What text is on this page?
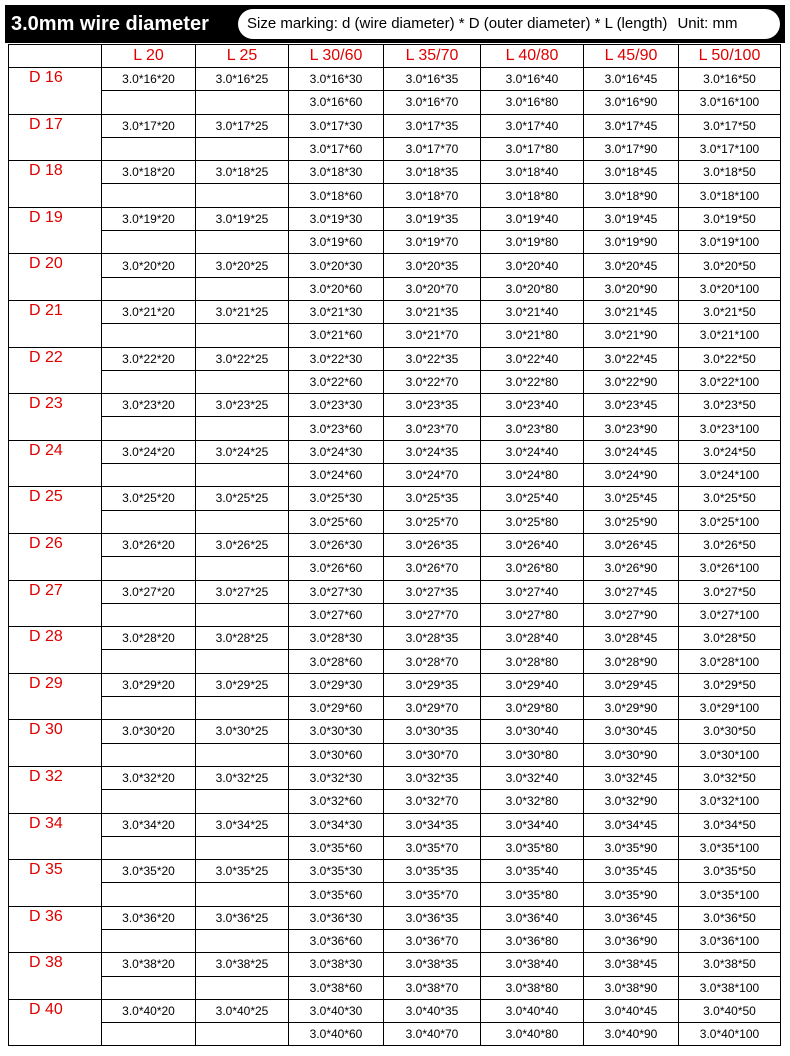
3.0mm wire diameter	Size marking: d (wire diameter) * D (outer diameter) * L (length) Unit: mm
	L 20	L 25	L 30/60	L 35/70	L 40/80	L 45/90	L 50/100
D 16	3.0*16*20	3.0*16*25	3.0*16*30	3.0*16*35	3.0*16*40	3.0*16*45	3.0*16*50
			3.0*16*60	3.0*16*70	3.0*16*80	3.0*16*90	3.0*16*100
D 17	3.0*17*20	3.0*17*25	3.0*17*30	3.0*17*35	3.0*17*40	3.0*17*45	3.0*17*50
			3.0*17*60	3.0*17*70	3.0*17*80	3.0*17*90	3.0*17*100
D 18	3.0*18*20	3.0*18*25	3.0*18*30	3.0*18*35	3.0*18*40	3.0*18*45	3.0*18*50
			3.0*18*60	3.0*18*70	3.0*18*80	3.0*18*90	3.0*18*100
D 19	3.0*19*20	3.0*19*25	3.0*19*30	3.0*19*35	3.0*19*40	3.0*19*45	3.0*19*50
			3.0*19*60	3.0*19*70	3.0*19*80	3.0*19*90	3.0*19*100
D 20	3.0*20*20	3.0*20*25	3.0*20*30	3.0*20*35	3.0*20*40	3.0*20*45	3.0*20*50
			3.0*20*60	3.0*20*70	3.0*20*80	3.0*20*90	3.0*20*100
D 21	3.0*21*20	3.0*21*25	3.0*21*30	3.0*21*35	3.0*21*40	3.0*21*45	3.0*21*50
			3.0*21*60	3.0*21*70	3.0*21*80	3.0*21*90	3.0*21*100
D 22	3.0*22*20	3.0*22*25	3.0*22*30	3.0*22*35	3.0*22*40	3.0*22*45	3.0*22*50
			3.0*22*60	3.0*22*70	3.0*22*80	3.0*22*90	3.0*22*100
D 23	3.0*23*20	3.0*23*25	3.0*23*30	3.0*23*35	3.0*23*40	3.0*23*45	3.0*23*50
			3.0*23*60	3.0*23*70	3.0*23*80	3.0*23*90	3.0*23*100
D 24	3.0*24*20	3.0*24*25	3.0*24*30	3.0*24*35	3.0*24*40	3.0*24*45	3.0*24*50
			3.0*24*60	3.0*24*70	3.0*24*80	3.0*24*90	3.0*24*100
D 25	3.0*25*20	3.0*25*25	3.0*25*30	3.0*25*35	3.0*25*40	3.0*25*45	3.0*25*50
			3.0*25*60	3.0*25*70	3.0*25*80	3.0*25*90	3.0*25*100
D 26	3.0*26*20	3.0*26*25	3.0*26*30	3.0*26*35	3.0*26*40	3.0*26*45	3.0*26*50
			3.0*26*60	3.0*26*70	3.0*26*80	3.0*26*90	3.0*26*100
D 27	3.0*27*20	3.0*27*25	3.0*27*30	3.0*27*35	3.0*27*40	3.0*27*45	3.0*27*50
			3.0*27*60	3.0*27*70	3.0*27*80	3.0*27*90	3.0*27*100
D 28	3.0*28*20	3.0*28*25	3.0*28*30	3.0*28*35	3.0*28*40	3.0*28*45	3.0*28*50
			3.0*28*60	3.0*28*70	3.0*28*80	3.0*28*90	3.0*28*100
D 29	3.0*29*20	3.0*29*25	3.0*29*30	3.0*29*35	3.0*29*40	3.0*29*45	3.0*29*50
			3.0*29*60	3.0*29*70	3.0*29*80	3.0*29*90	3.0*29*100
D 30	3.0*30*20	3.0*30*25	3.0*30*30	3.0*30*35	3.0*30*40	3.0*30*45	3.0*30*50
			3.0*30*60	3.0*30*70	3.0*30*80	3.0*30*90	3.0*30*100
D 32	3.0*32*20	3.0*32*25	3.0*32*30	3.0*32*35	3.0*32*40	3.0*32*45	3.0*32*50
			3.0*32*60	3.0*32*70	3.0*32*80	3.0*32*90	3.0*32*100
D 34	3.0*34*20	3.0*34*25	3.0*34*30	3.0*34*35	3.0*34*40	3.0*34*45	3.0*34*50
			3.0*35*60	3.0*35*70	3.0*35*80	3.0*35*90	3.0*35*100
D 35	3.0*35*20	3.0*35*25	3.0*35*30	3.0*35*35	3.0*35*40	3.0*35*45	3.0*35*50
			3.0*35*60	3.0*35*70	3.0*35*80	3.0*35*90	3.0*35*100
D 36	3.0*36*20	3.0*36*25	3.0*36*30	3.0*36*35	3.0*36*40	3.0*36*45	3.0*36*50
			3.0*36*60	3.0*36*70	3.0*36*80	3.0*36*90	3.0*36*100
D 38	3.0*38*20	3.0*38*25	3.0*38*30	3.0*38*35	3.0*38*40	3.0*38*45	3.0*38*50
			3.0*38*60	3.0*38*70	3.0*38*80	3.0*38*90	3.0*38*100
D 40	3.0*40*20	3.0*40*25	3.0*40*30	3.0*40*35	3.0*40*40	3.0*40*45	3.0*40*50
			3.0*40*60	3.0*40*70	3.0*40*80	3.0*40*90	3.0*40*100
